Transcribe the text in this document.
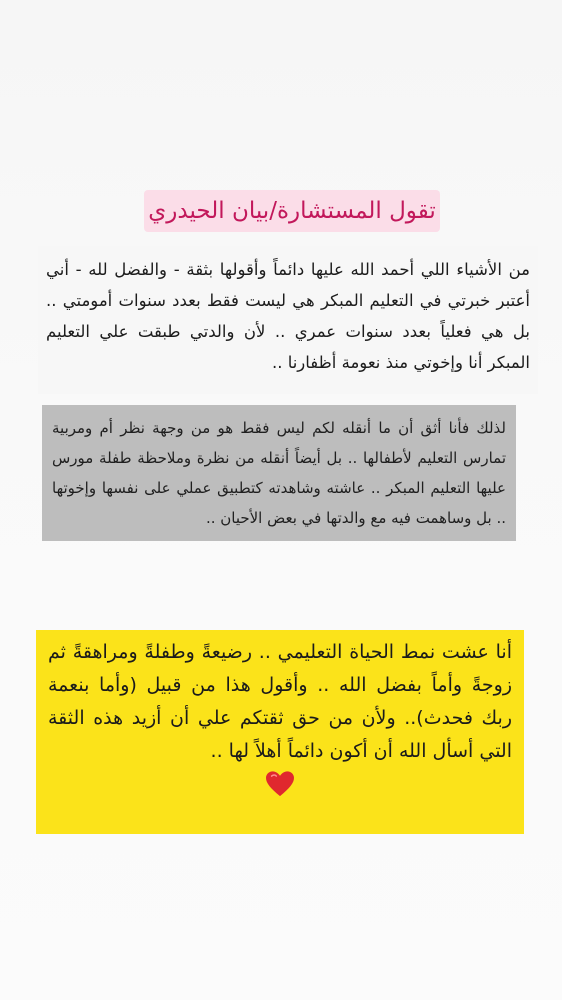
تقول المستشارة/بيان الحيدري

من الأشياء اللي أحمد الله عليها دائماً وأقولها بثقة - والفضل لله - أني أعتبر خبرتي في التعليم المبكر هي ليست فقط بعدد سنوات أمومتي .. بل هي فعلياً بعدد سنوات عمري .. لأن والدتي طبقت علي التعليم المبكر أنا وإخوتي منذ نعومة أظفارنا ..

لذلك فأنا أثق أن ما أنقله لكم ليس فقط هو من وجهة نظر أم ومربية تمارس التعليم لأطفالها .. بل أيضاً أنقله من نظرة وملاحظة طفلة مورس عليها التعليم المبكر .. عاشته وشاهدته كتطبيق عملي على نفسها وإخوتها .. بل وساهمت فيه مع والدتها في بعض الأحيان ..

أنا عشت نمط الحياة التعليمي .. رضيعةً وطفلةً ومراهقةً ثم زوجةً وأماً بفضل الله .. وأقول هذا من قبيل (وأما بنعمة ربك فحدث).. ولأن من حق ثقتكم علي أن أزيد هذه الثقة التي أسأل الله أن أكون دائماً أهلاً لها ..
